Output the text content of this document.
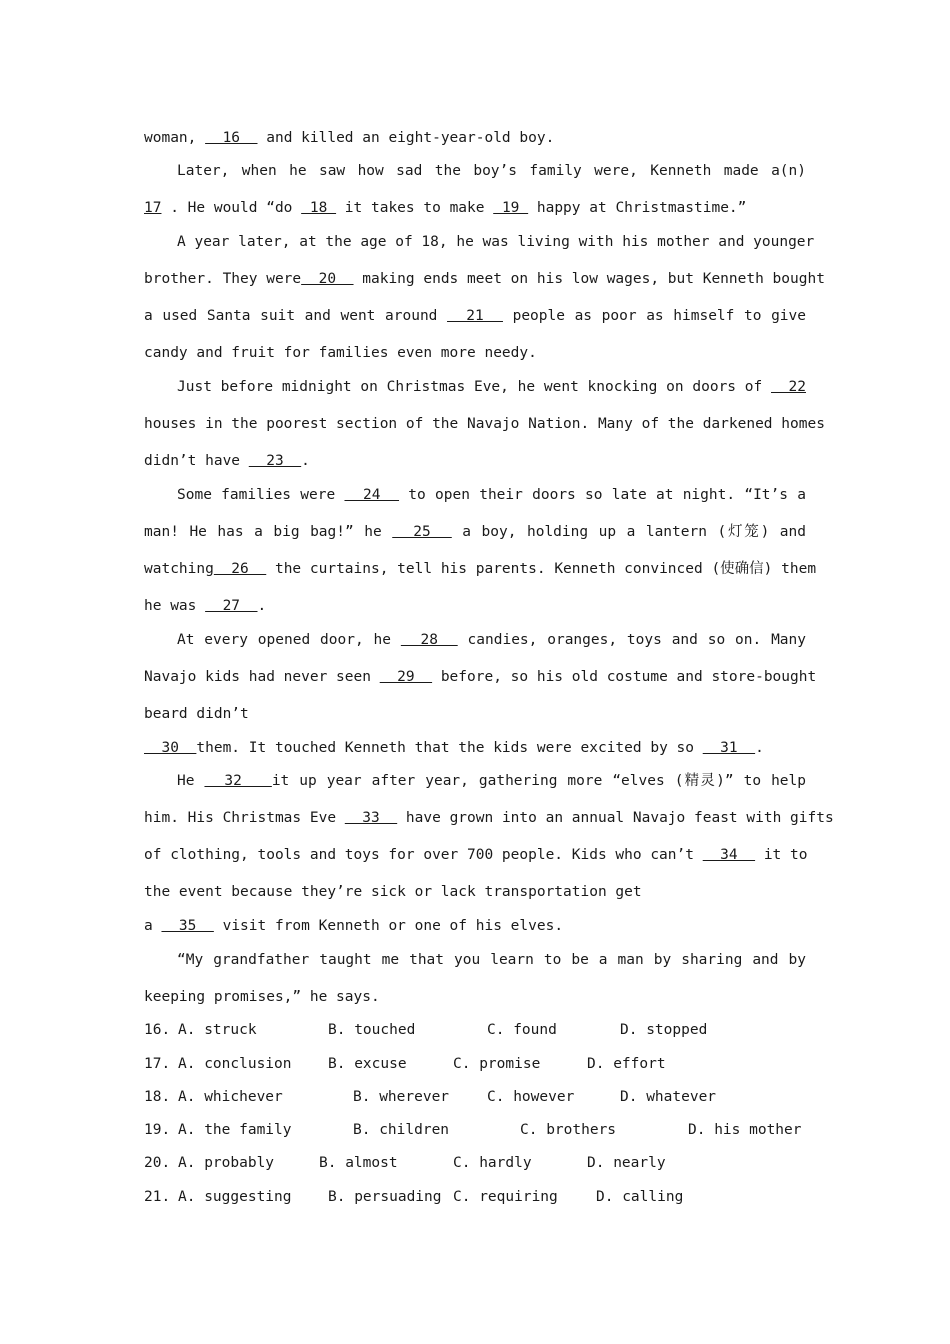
woman,   16   and killed an eight-year-old boy.
Later, when he saw how sad the boy’s family were, Kenneth made a(n)
17 . He would “do  18  it takes to make  19  happy at Christmastime.”
A year later, at the age of 18, he was living with his mother and younger
brother. They were  20   making ends meet on his low wages, but Kenneth bought
a used Santa suit and went around   21   people as poor as himself to give
candy and fruit for families even more needy.
Just before midnight on Christmas Eve, he went knocking on doors of   22
houses in the poorest section of the Navajo Nation. Many of the darkened homes
didn’t have   23  .
Some families were   24   to open their doors so late at night. “It’s a
man! He has a big bag!” he   25   a boy, holding up a lantern (灯笼) and
watching  26   the curtains, tell his parents. Kenneth convinced (使确信) them
he was   27  .
At every opened door, he   28   candies, oranges, toys and so on. Many
Navajo kids had never seen   29   before, so his old costume and store-bought
beard didn’t
30  them. It touched Kenneth that the kids were excited by so   31  .
He   32   it up year after year, gathering more “elves (精灵)” to help
him. His Christmas Eve   33   have grown into an annual Navajo feast with gifts
of clothing, tools and toys for over 700 people. Kids who can’t   34   it to
the event because they’re sick or lack transportation get
a   35   visit from Kenneth or one of his elves.
“My grandfather taught me that you learn to be a man by sharing and by
keeping promises,” he says.
16. A. struck	B. touched	C. found	D. stopped
17. A. conclusion	B. excuse	C. promise	D. effort
18. A. whichever	B. wherever	C. however	D. whatever
19. A. the family	B. children	C. brothers	D. his mother
20. A. probably	B. almost	C. hardly	D. nearly
21. A. suggesting	B. persuading C. requiring	D. calling
